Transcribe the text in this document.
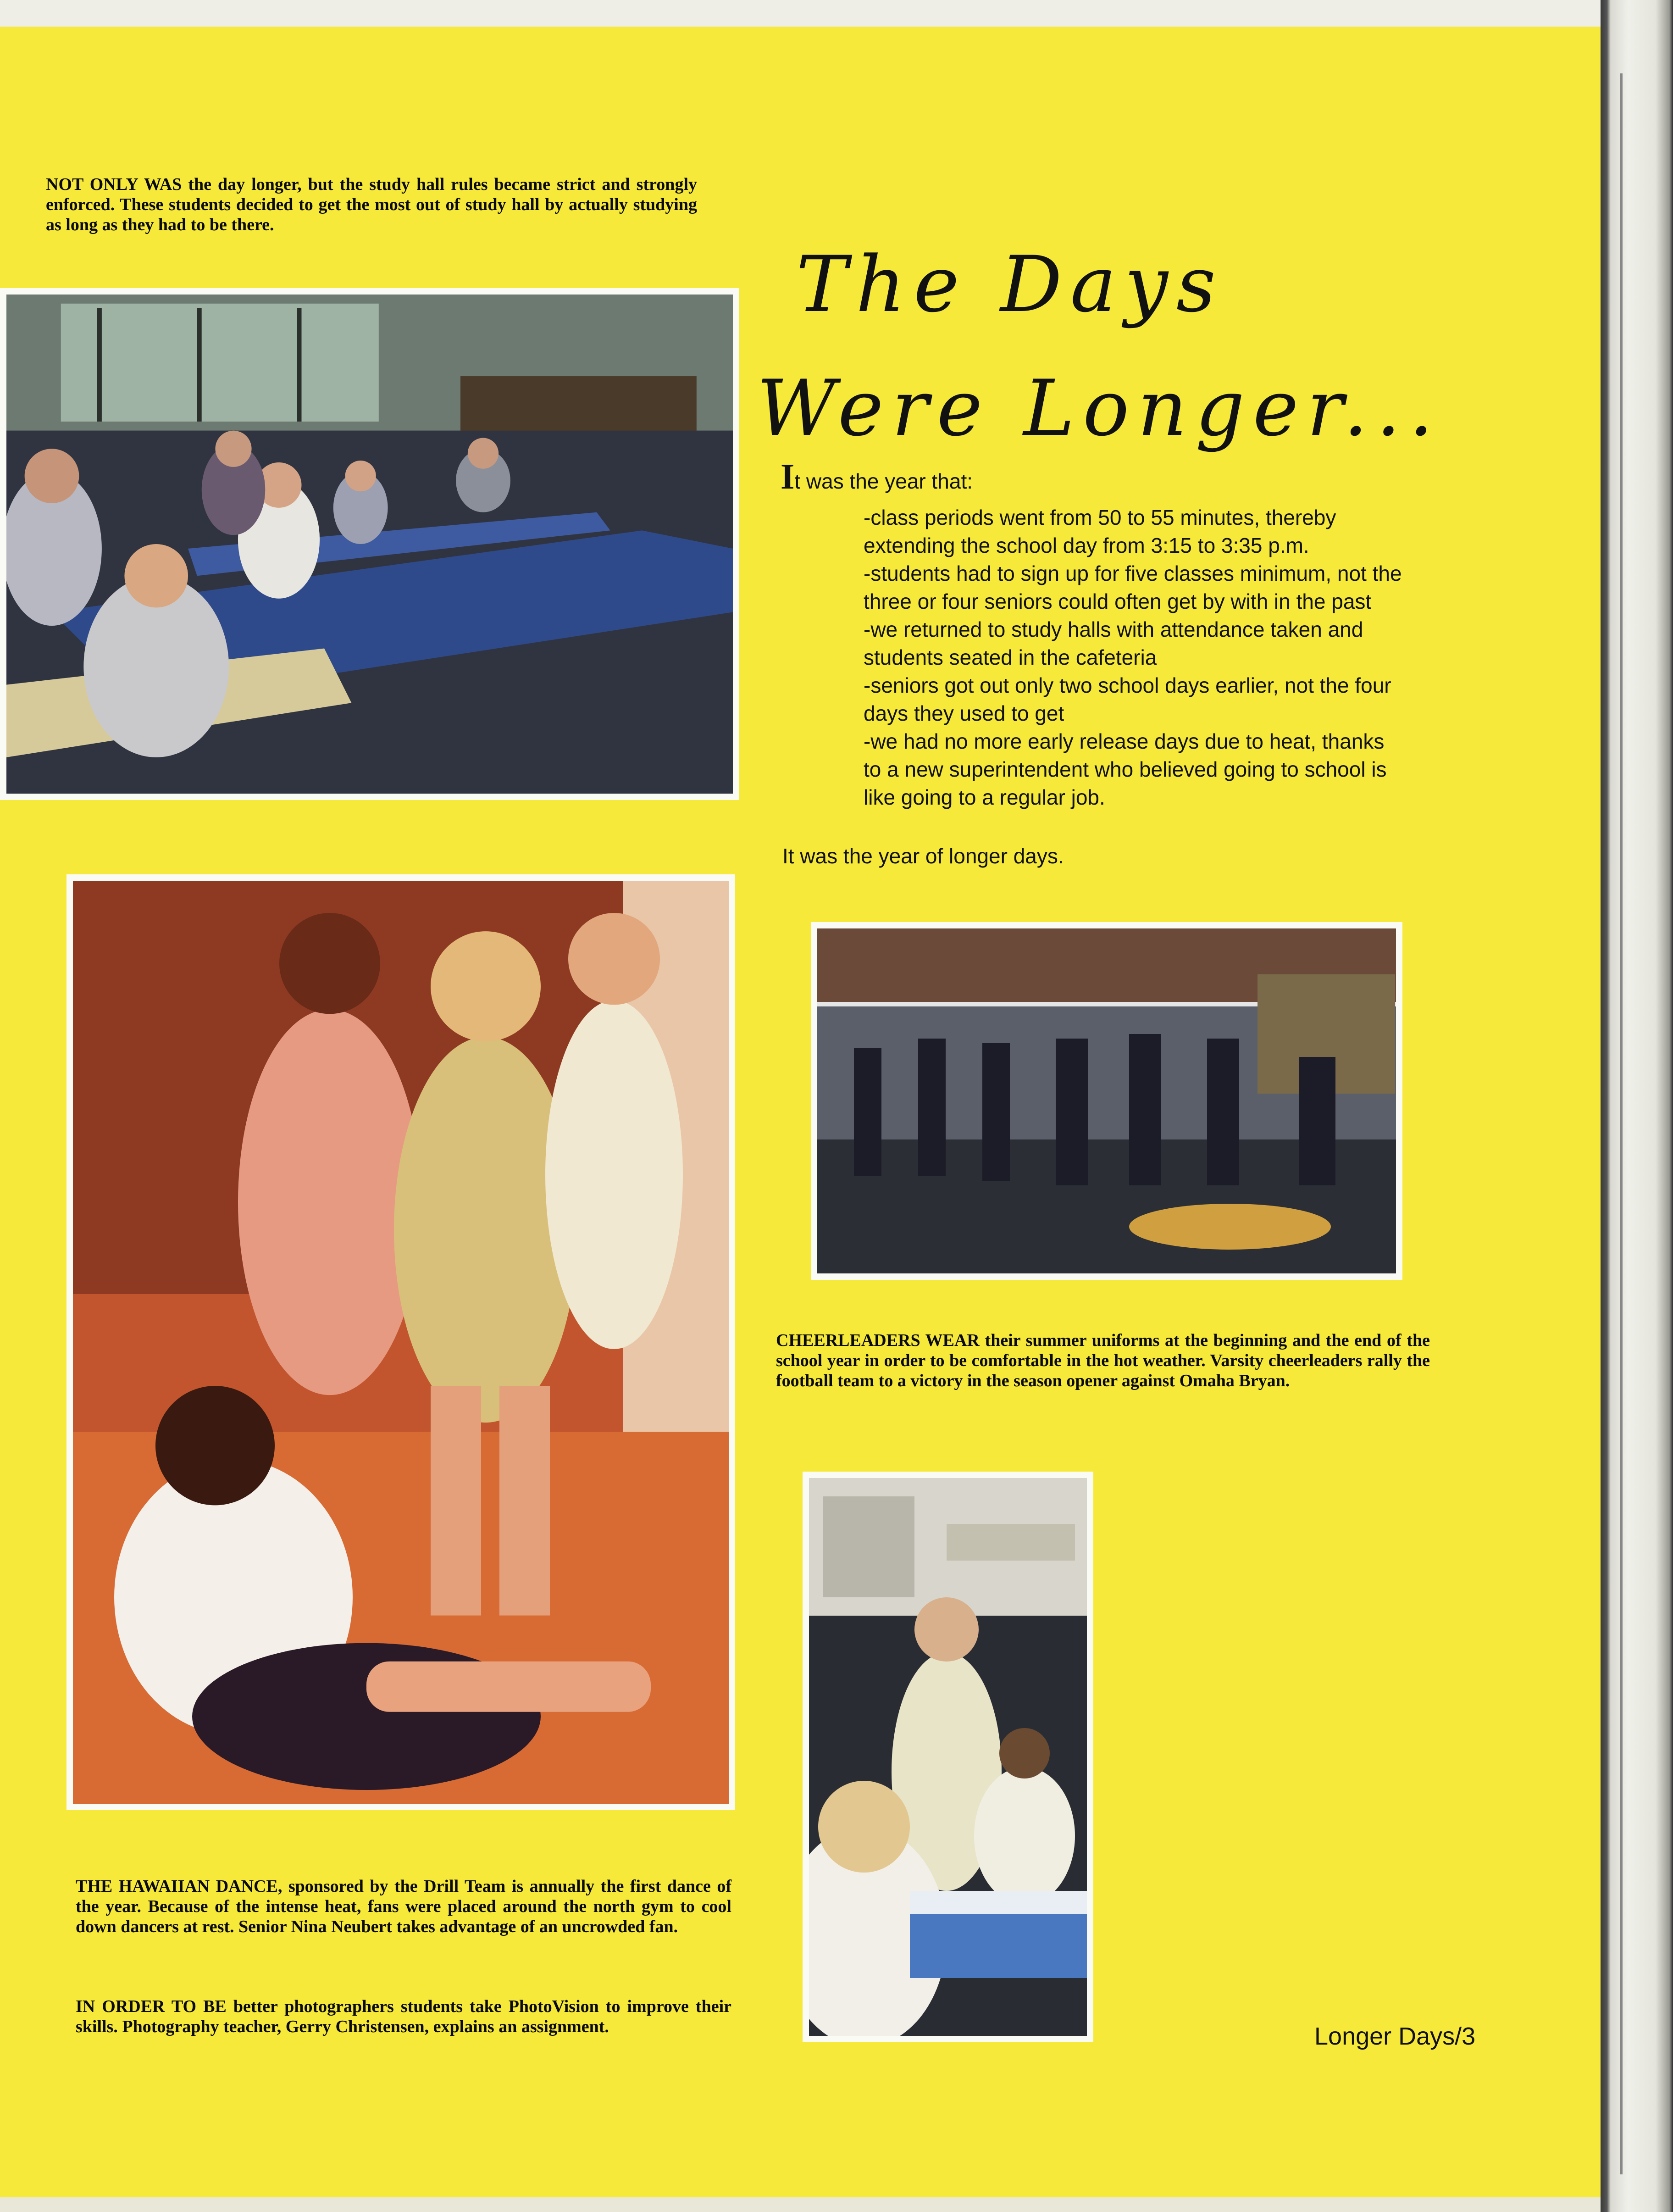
NOT ONLY WAS the day longer, but the study hall rules became strict and strongly enforced. These students decided to get the most out of study hall by actually studying as long as they had to be there.
The Days
Were Longer...
It was the year that:
-class periods went from 50 to 55 minutes, thereby extending the school day from 3:15 to 3:35 p.m.
-students had to sign up for five classes minimum, not the three or four seniors could often get by with in the past
-we returned to study halls with attendance taken and students seated in the cafeteria
-seniors got out only two school days earlier, not the four days they used to get
-we had no more early release days due to heat, thanks to a new superintendent who believed going to school is like going to a regular job.
It was the year of longer days.
CHEERLEADERS WEAR their summer uniforms at the beginning and the end of the school year in order to be comfortable in the hot weather. Varsity cheerleaders rally the football team to a victory in the season opener against Omaha Bryan.
THE HAWAIIAN DANCE, sponsored by the Drill Team is annually the first dance of the year. Because of the intense heat, fans were placed around the north gym to cool down dancers at rest. Senior Nina Neubert takes advantage of an uncrowded fan.
IN ORDER TO BE better photographers students take PhotoVision to improve their skills. Photography teacher, Gerry Christensen, explains an assignment.	Longer Days/3
